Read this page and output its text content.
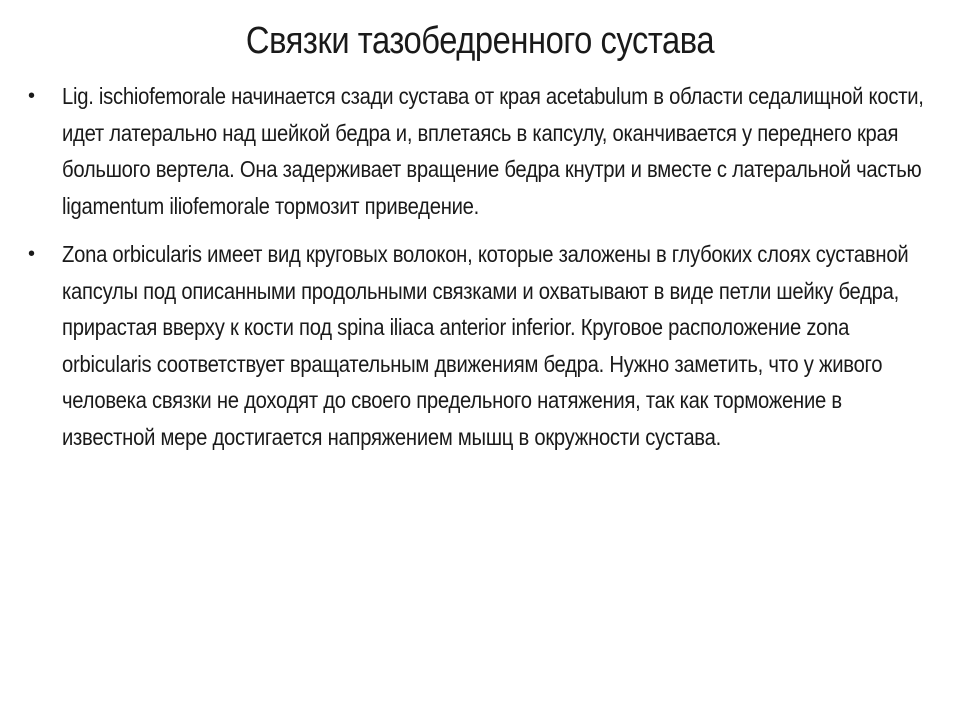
Связки тазобедренного сустава
•	Lig. ischiofemorale начинается сзади сустава от края acetabulum в области седалищной кости, идет латерально над шейкой бедра и, вплетаясь в капсулу, оканчивается у переднего края большого вертела. Она задерживает вращение бедра кнутри и вместе с латеральной частью ligamentum iliofemorale тормозит приведение.
•	Zona orbicularis имеет вид круговых волокон, которые заложены в глубоких слоях суставной капсулы под описанными продольными связками и охватывают в виде петли шейку бедра, прирастая вверху к кости под spina iliaca anterior inferior. Круговое расположение zona orbicularis соответствует вращательным движениям бедра. Нужно заметить, что у живого человека связки не доходят до своего предельного натяжения, так как торможение в известной мере достигается напряжением мышц в окружности сустава.
